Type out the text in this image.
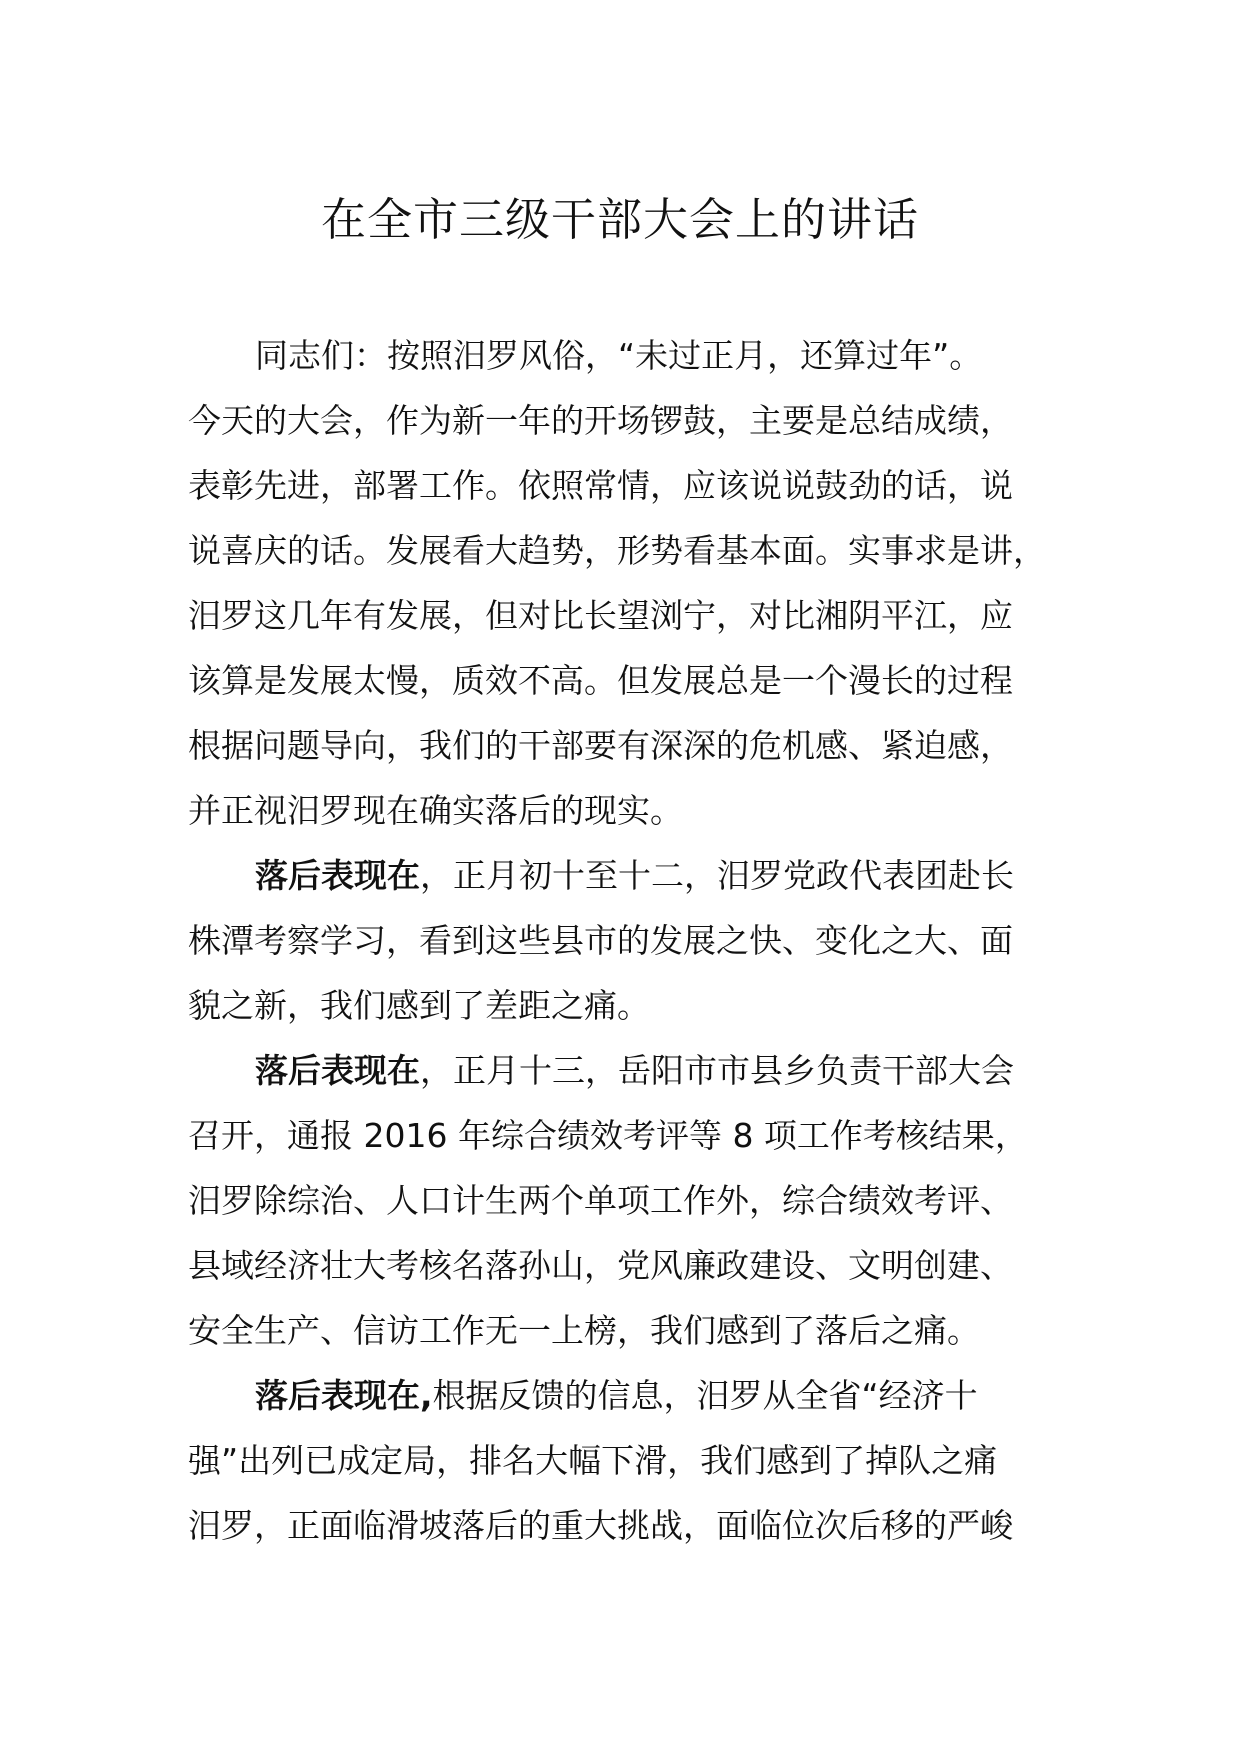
在全市三级干部大会上的讲话
同志们：按照汨罗风俗，“未过正月，还算过年”。
今天的大会，作为新一年的开场锣鼓，主要是总结成绩，
表彰先进，部署工作。依照常情，应该说说鼓劲的话，说
说喜庆的话。发展看大趋势，形势看基本面。实事求是讲，
汨罗这几年有发展，但对比长望浏宁，对比湘阴平江，应
该算是发展太慢，质效不高。但发展总是一个漫长的过程
根据问题导向，我们的干部要有深深的危机感、紧迫感，
并正视汨罗现在确实落后的现实。
落后表现在，正月初十至十二，汨罗党政代表团赴长
株潭考察学习，看到这些县市的发展之快、变化之大、面
貌之新，我们感到了差距之痛。
落后表现在，正月十三，岳阳市市县乡负责干部大会
召开，通报 2016 年综合绩效考评等 8 项工作考核结果，
汨罗除综治、人口计生两个单项工作外，综合绩效考评、
县域经济壮大考核名落孙山，党风廉政建设、文明创建、
安全生产、信访工作无一上榜，我们感到了落后之痛。
落后表现在,根据反馈的信息，汨罗从全省“经济十
强”出列已成定局，排名大幅下滑，我们感到了掉队之痛
汨罗，正面临滑坡落后的重大挑战，面临位次后移的严峻
